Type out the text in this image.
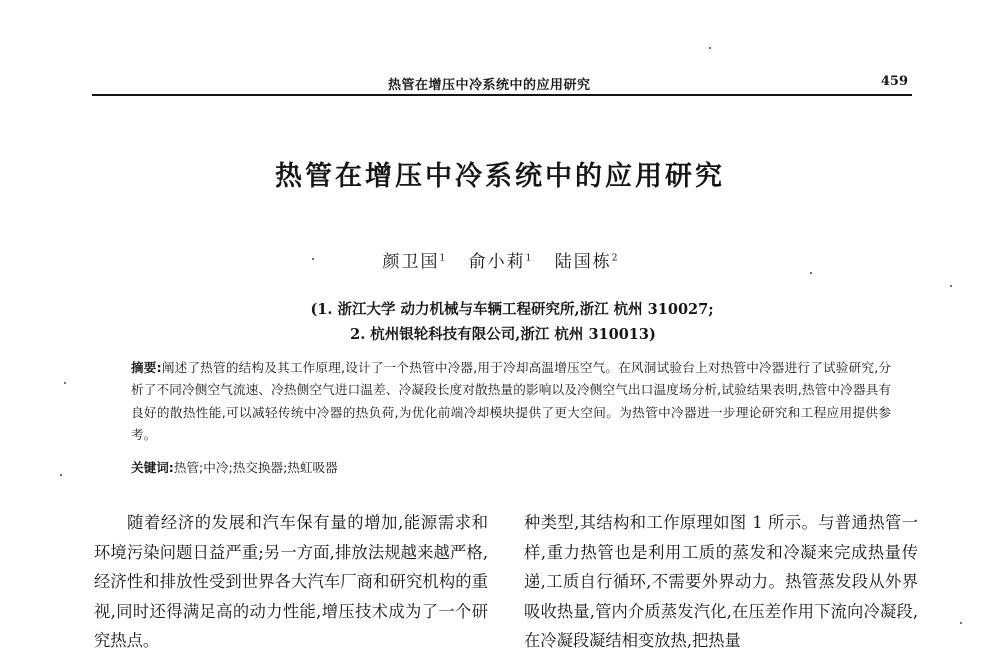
热管在增压中冷系统中的应用研究	459
热管在增压中冷系统中的应用研究
颜卫国$^1$ 俞小莉$^1$ 陆国栋$^2$
(1. 浙江大学 动力机械与车辆工程研究所,浙江 杭州 310027;
2. 杭州银轮科技有限公司,浙江 杭州 310013)
摘要:阐述了热管的结构及其工作原理,设计了一个热管中冷器,用于冷却高温增压空气。在风洞试验台上对热管中冷器进行了试验研究,分析了不同冷侧空气流速、冷热侧空气进口温差、冷凝段长度对散热量的影响以及冷侧空气出口温度场分析,试验结果表明,热管中冷器具有良好的散热性能,可以减轻传统中冷器的热负荷,为优化前端冷却模块提供了更大空间。为热管中冷器进一步理论研究和工程应用提供参考。
关键词:热管;中冷;热交换器;热虹吸器
随着经济的发展和汽车保有量的增加,能源需求和环境污染问题日益严重;另一方面,排放法规越来越严格,经济性和排放性受到世界各大汽车厂商和研究机构的重视,同时还得满足高的动力性能,增压技术成为了一个研究热点。
种类型,其结构和工作原理如图 1 所示。与普通热管一样,重力热管也是利用工质的蒸发和冷凝来完成热量传递,工质自行循环,不需要外界动力。热管蒸发段从外界吸收热量,管内介质蒸发汽化,在压差作用下流向冷凝段,在冷凝段凝结相变放热,把热量
